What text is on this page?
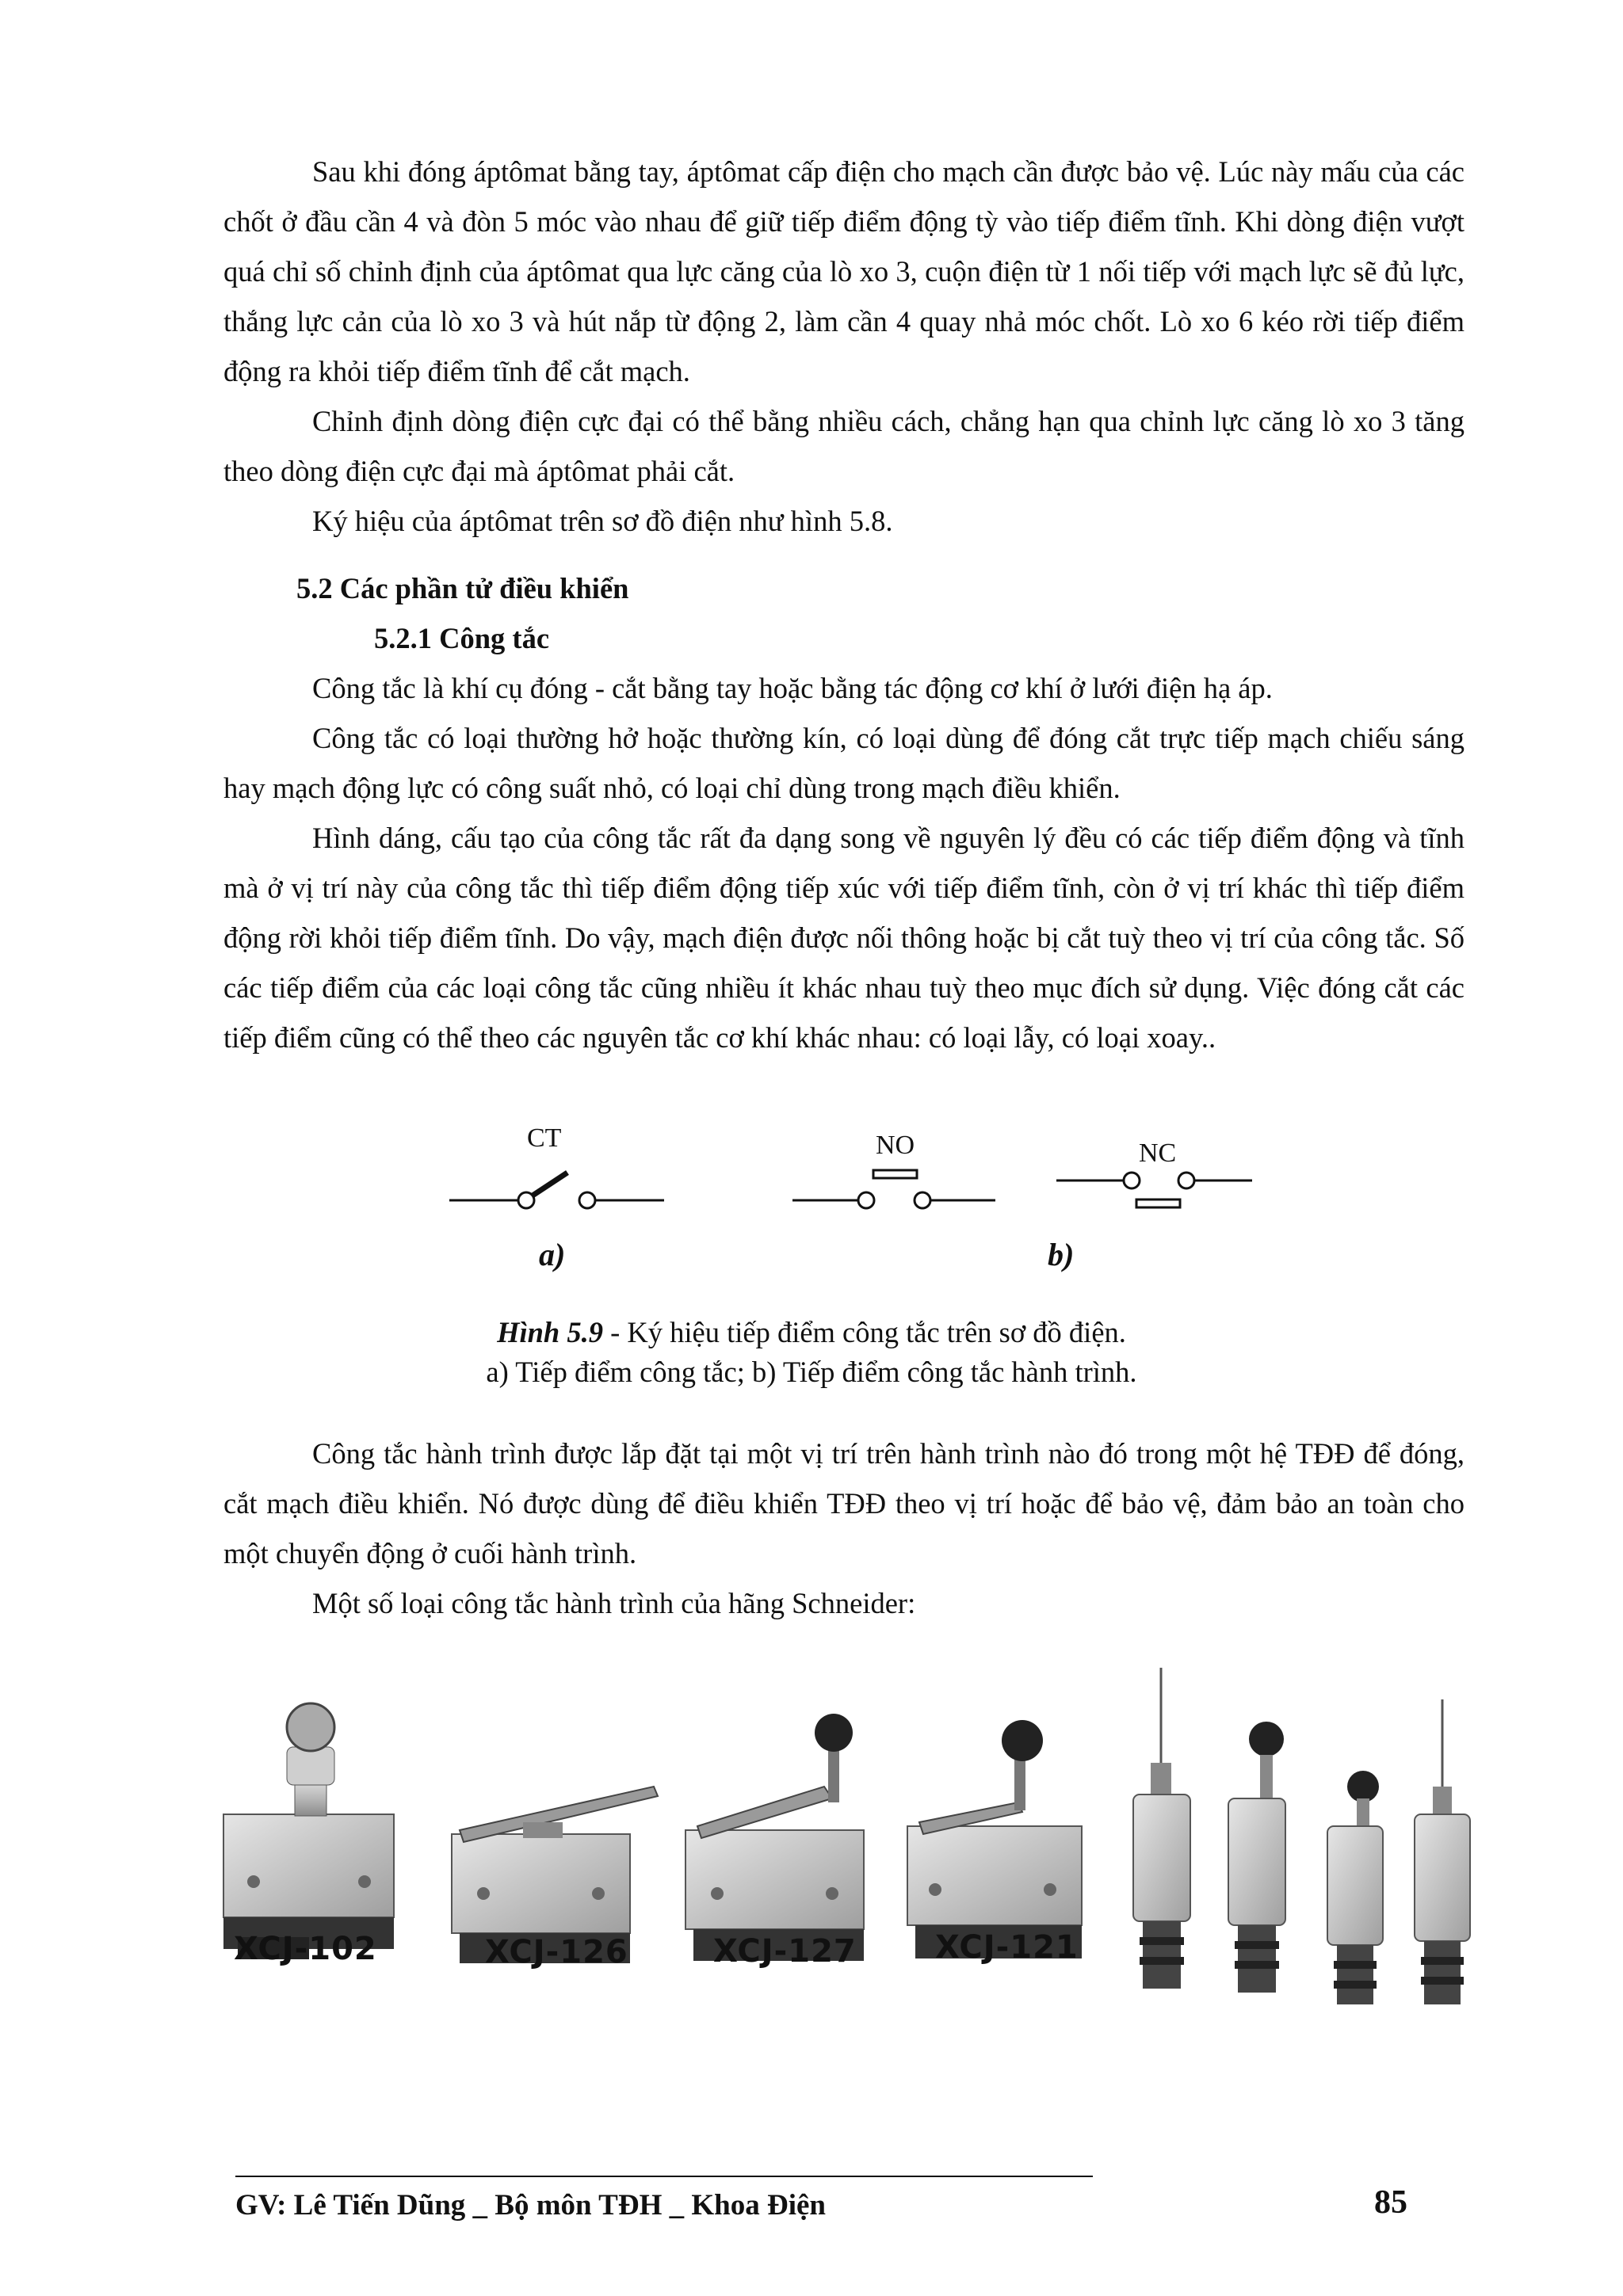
Sau khi đóng áptômat bằng tay, áptômat cấp điện cho mạch cần được bảo vệ. Lúc này mấu của các chốt ở đầu cần 4 và đòn 5 móc vào nhau để giữ tiếp điểm động tỳ vào tiếp điểm tĩnh. Khi dòng điện vượt quá chỉ số chỉnh định của áptômat qua lực căng của lò xo 3, cuộn điện từ 1 nối tiếp với mạch lực sẽ đủ lực, thắng lực cản của lò xo 3 và hút nắp từ động 2, làm cần 4 quay nhả móc chốt. Lò xo 6 kéo rời tiếp điểm động ra khỏi tiếp điểm tĩnh để cắt mạch.

Chỉnh định dòng điện cực đại có thể bằng nhiều cách, chẳng hạn qua chỉnh lực căng lò xo 3 tăng theo dòng điện cực đại mà áptômat phải cắt.

Ký hiệu của áptômat trên sơ đồ điện như hình 5.8.

5.2 Các phần tử điều khiển

5.2.1 Công tắc

Công tắc là khí cụ đóng - cắt bằng tay hoặc bằng tác động cơ khí ở lưới điện hạ áp.

Công tắc có loại thường hở hoặc thường kín, có loại dùng để đóng cắt trực tiếp mạch chiếu sáng hay mạch động lực có công suất nhỏ, có loại chỉ dùng trong mạch điều khiển.

Hình dáng, cấu tạo của công tắc rất đa dạng song về nguyên lý đều có các tiếp điểm động và tĩnh mà ở vị trí này của công tắc thì tiếp điểm động tiếp xúc với tiếp điểm tĩnh, còn ở vị trí khác thì tiếp điểm động rời khỏi tiếp điểm tĩnh. Do vậy, mạch điện được nối thông hoặc bị cắt tuỳ theo vị trí của công tắc. Số các tiếp điểm của các loại công tắc cũng nhiều ít khác nhau tuỳ theo mục đích sử dụng. Việc đóng cắt các tiếp điểm cũng có thể theo các nguyên tắc cơ khí khác nhau: có loại lẫy, có loại xoay..

CT	NO	NC
a)	b)
Hình 5.9 - Ký hiệu tiếp điểm công tắc trên sơ đồ điện.
a) Tiếp điểm công tắc; b) Tiếp điểm công tắc hành trình.

Công tắc hành trình được lắp đặt tại một vị trí trên hành trình nào đó trong một hệ TĐĐ để đóng, cắt mạch điều khiển. Nó được dùng để điều khiển TĐĐ theo vị trí hoặc để bảo vệ, đảm bảo an toàn cho một chuyển động ở cuối hành trình.

Một số loại công tắc hành trình của hãng Schneider:

XCJ-102	XCJ-126	XCJ-127 XCJ-121
GV: Lê Tiến Dũng _ Bộ môn TĐH _ Khoa Điện	85
